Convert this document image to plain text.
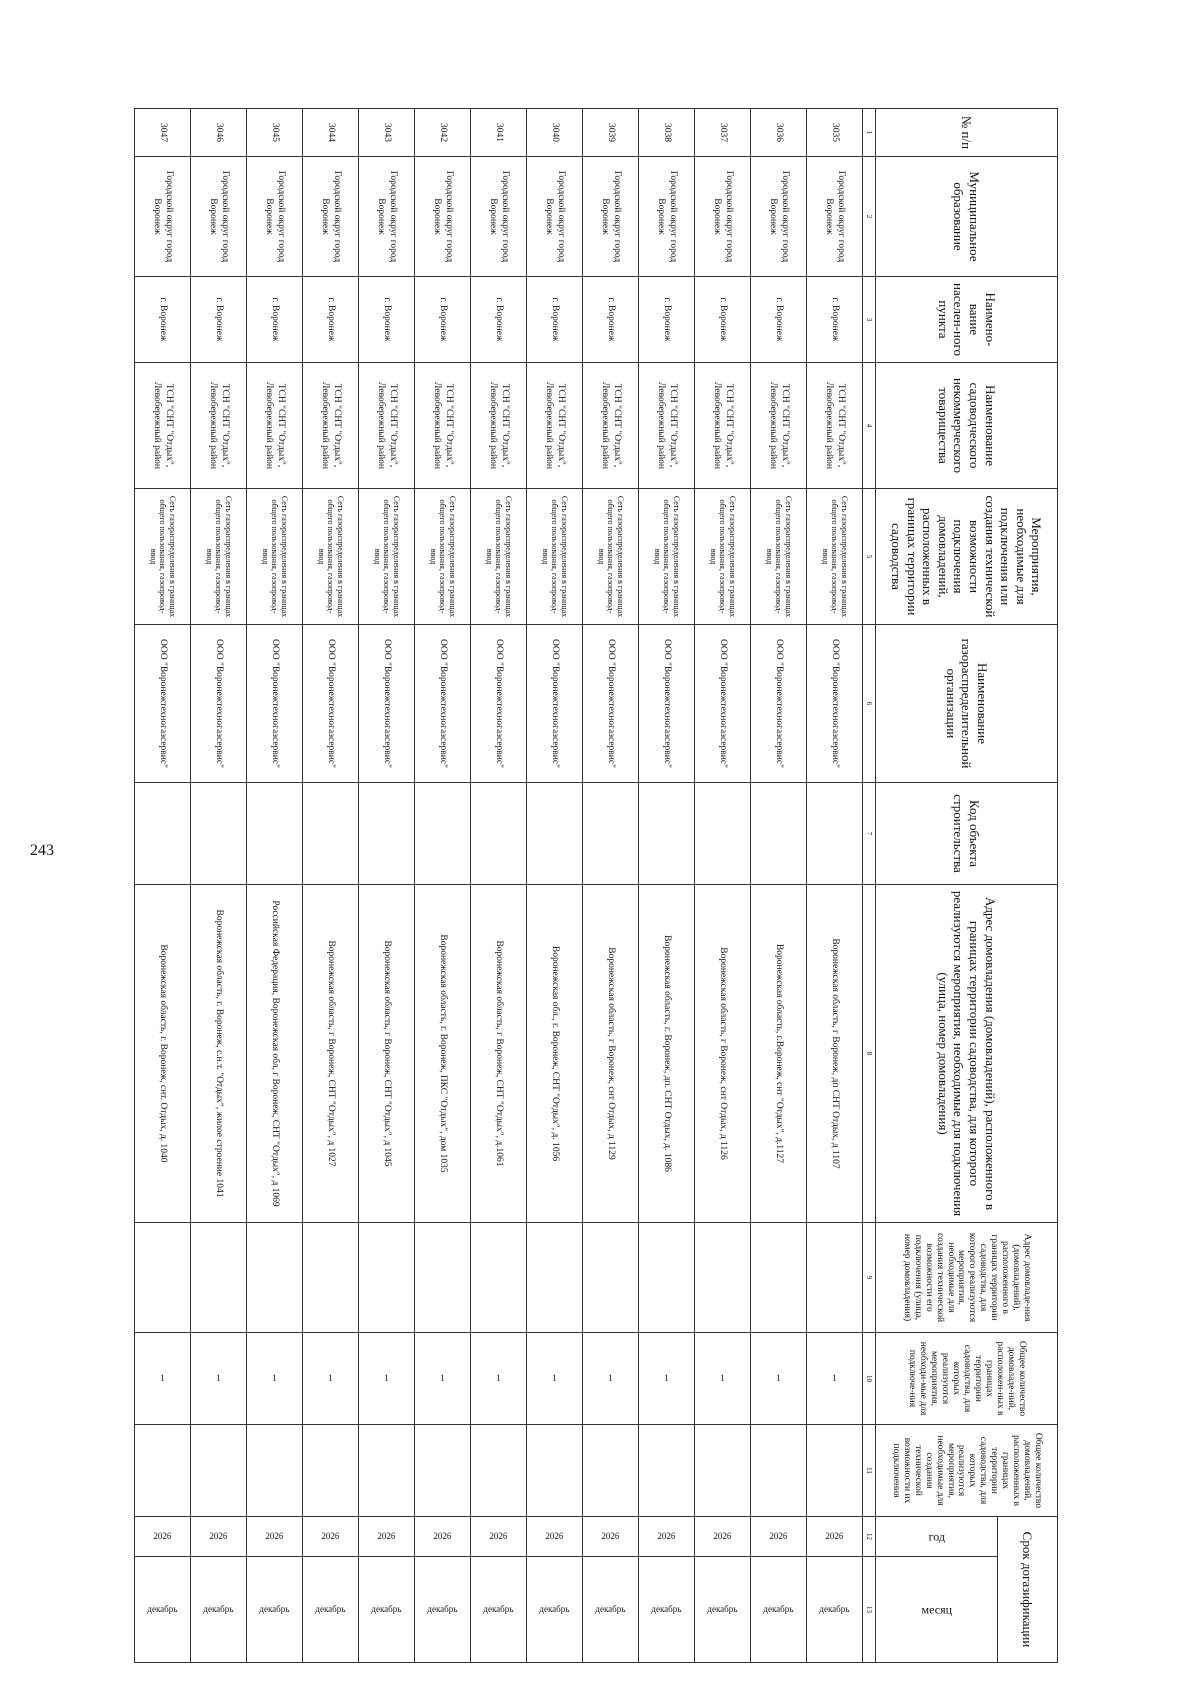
243
№ п/п	Муниципальное образование	Наимено-вание населен-ного пункта	Наименование садоводческого некоммерческого товарищества	Мероприятия, необходимые для подключения или создания технической возможности подключения домовладений, расположенных в границах территории садоводства	Наименование газораспределительной организации	Код объекта строительства	Адрес домовладения (домовладений), расположенного в границах территории садоводства, для которого реализуются мероприятия, необходимые для подключения (улица, номер домовладения)	Адрес домовладе-ния (домовладений), расположенного в границах территории садоводства, для которого реализуются мероприятия, необходимые для создания технической возможности его подключения (улица, номер домовладения)	Общее количество домовладе-ний, расположен-ных в границах территории садоводства, для которых реализуются мероприятия, необходи-мые для подключе-ния	Общее количество домовладений, расположенных в границах территории садоводства, для которых реализуются мероприятия, необходимые для создания технической возможности их подключения	Срок догазификации	

											год	месяц

1	2	3	4	5	6	7	8	9	10	11	12	13
3035	Городской округ город Воронеж	г. Воронеж	ТСН "СНТ "Отдых", Левобережный район	Сеть газораспределения в границах общего пользования, газопровод-ввод	ООО "Воронежтехногазсервис"		Воронежская область, г Воронеж, дп СНТ Отдых, д 1107		1		2026	декабрь

3036	Городской округ город Воронеж	г. Воронеж	ТСН "СНТ "Отдых", Левобережный район	Сеть газораспределения в границах общего пользования, газопровод-ввод	ООО "Воронежтехногазсервис"		Воронежская область, г.Воронеж, снт "Отдых", д.1127		1		2026	декабрь

3037	Городской округ город Воронеж	г. Воронеж	ТСН "СНТ "Отдых", Левобережный район	Сеть газораспределения в границах общего пользования, газопровод-ввод	ООО "Воронежтехногазсервис"		Воронежская область, г Воронеж, снт Отдых, д 1126		1		2026	декабрь

3038	Городской округ город Воронеж	г. Воронеж	ТСН "СНТ "Отдых", Левобережный район	Сеть газораспределения в границах общего пользования, газопровод-ввод	ООО "Воронежтехногазсервис"		Воронежская область, г. Воронеж, дп. СНТ Отдых, д. 1086		1		2026	декабрь

3039	Городской округ город Воронеж	г. Воронеж	ТСН "СНТ "Отдых", Левобережный район	Сеть газораспределения в границах общего пользования, газопровод-ввод	ООО "Воронежтехногазсервис"		Воронежская область, г Воронеж, снт Отдых, д 1129		1		2026	декабрь

3040	Городской округ город Воронеж	г. Воронеж	ТСН "СНТ "Отдых", Левобережный район	Сеть газораспределения в границах общего пользования, газопровод-ввод	ООО "Воронежтехногазсервис"		Воронежская обл., г. Воронеж, СНТ "Отдых", д. 1056		1		2026	декабрь

3041	Городской округ город Воронеж	г. Воронеж	ТСН "СНТ "Отдых", Левобережный район	Сеть газораспределения в границах общего пользования, газопровод-ввод	ООО "Воронежтехногазсервис"		Воронежская область, г Воронеж, СНТ "Отдых", д.1061		1		2026	декабрь

3042	Городской округ город Воронеж	г. Воронеж	ТСН "СНТ "Отдых", Левобережный район	Сеть газораспределения в границах общего пользования, газопровод-ввод	ООО "Воронежтехногазсервис"		Воронежская область, г. Воронеж, ПКС "Отдых", дом 1035		1		2026	декабрь

3043	Городской округ город Воронеж	г. Воронеж	ТСН "СНТ "Отдых", Левобережный район	Сеть газораспределения в границах общего пользования, газопровод-ввод	ООО "Воронежтехногазсервис"		Воронежская область, г Воронеж, СНТ "Отдых", д 1045		1		2026	декабрь

3044	Городской округ город Воронеж	г. Воронеж	ТСН "СНТ "Отдых", Левобережный район	Сеть газораспределения в границах общего пользования, газопровод-ввод	ООО "Воронежтехногазсервис"		Воронежская область, г Воронеж, СНТ "Отдых", д 1027		1		2026	декабрь

3045	Городской округ город Воронеж	г. Воронеж	ТСН "СНТ "Отдых", Левобережный район	Сеть газораспределения в границах общего пользования, газопровод-ввод	ООО "Воронежтехногазсервис"		Российская Федерация, Воронежская обл, г Воронеж, СНТ "Отдых", д 1069		1		2026	декабрь

3046	Городской округ город Воронеж	г. Воронеж	ТСН "СНТ "Отдых", Левобережный район	Сеть газораспределения в границах общего пользования, газопровод-ввод	ООО "Воронежтехногазсервис"		Воронежская область, г. Воронеж, с.н.т. "Отдых", жилое строение 1041		1		2026	декабрь

3047	Городской округ город Воронеж	г. Воронеж	ТСН "СНТ "Отдых", Левобережный район	Сеть газораспределения в границах общего пользования, газопровод-ввод	ООО "Воронежтехногазсервис"		Воронежская область, г. Воронеж, снт. Отдых, д. 1040		1		2026	декабрь
